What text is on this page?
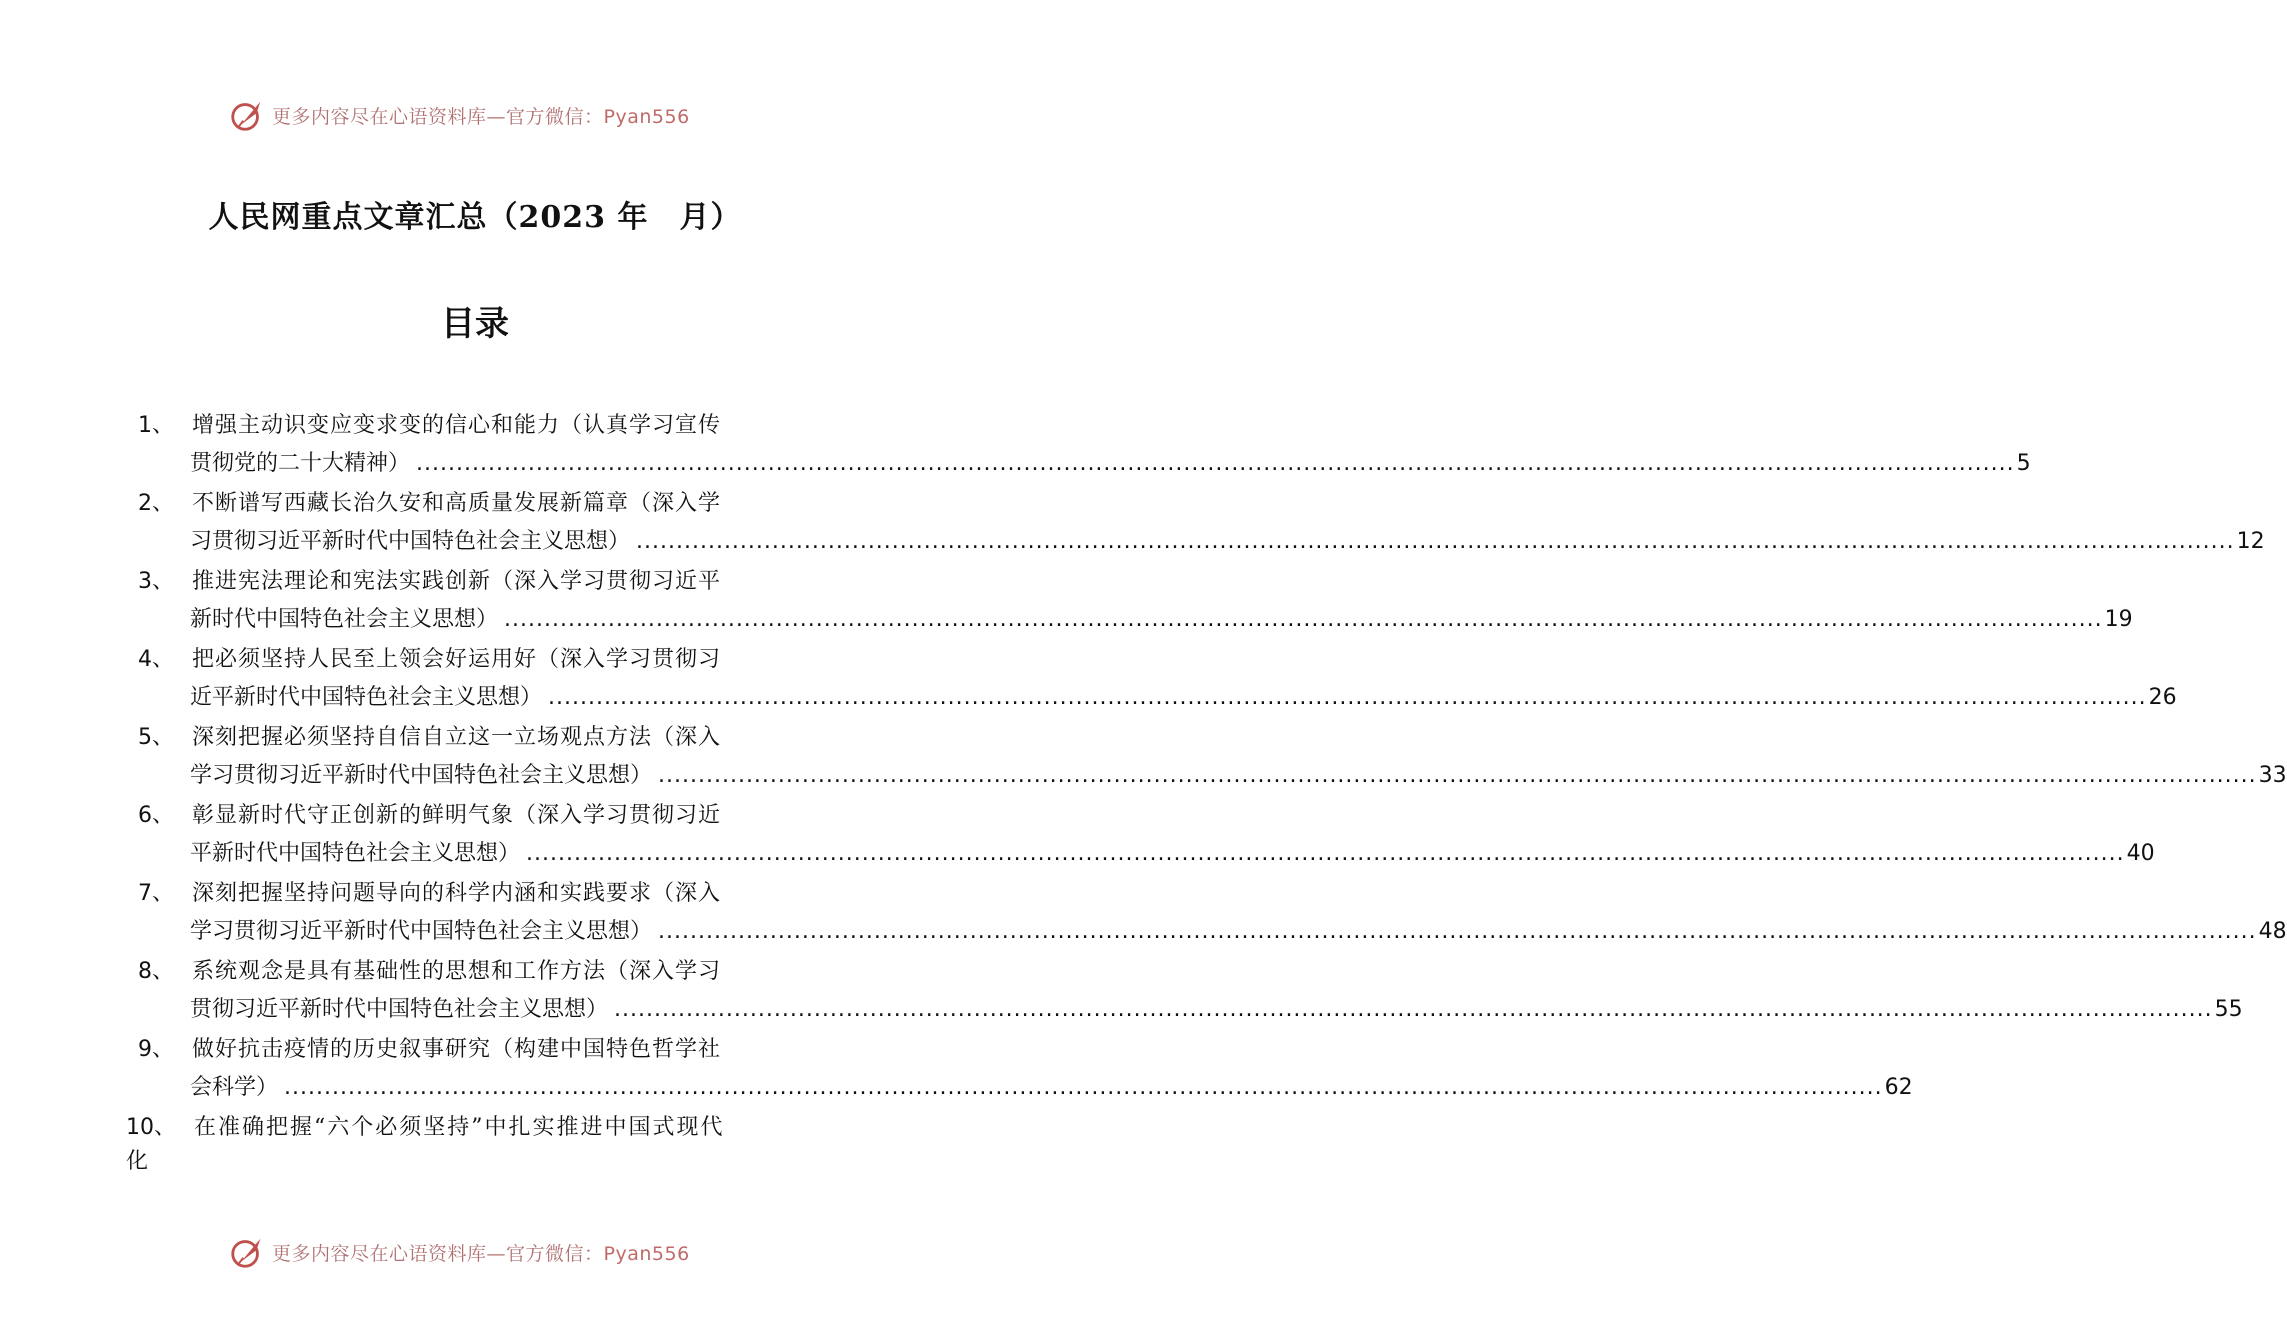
更多内容尽在心语资料库—官方微信：Pyan556
人民网重点文章汇总（2023 年　月）
目录
1、 增强主动识变应变求变的信心和能力（认真学习宣传
贯彻党的二十大精神） ........................................................................................................................................................................................................ 5
2、 不断谱写西藏长治久安和高质量发展新篇章（深入学
习贯彻习近平新时代中国特色社会主义思想） ........................................................................................................................................................................................................ 12
3、 推进宪法理论和宪法实践创新（深入学习贯彻习近平
新时代中国特色社会主义思想） ........................................................................................................................................................................................................ 19
4、 把必须坚持人民至上领会好运用好（深入学习贯彻习
近平新时代中国特色社会主义思想） ........................................................................................................................................................................................................ 26
5、 深刻把握必须坚持自信自立这一立场观点方法（深入
学习贯彻习近平新时代中国特色社会主义思想） ........................................................................................................................................................................................................ 33
6、 彰显新时代守正创新的鲜明气象（深入学习贯彻习近
平新时代中国特色社会主义思想） ........................................................................................................................................................................................................ 40
7、 深刻把握坚持问题导向的科学内涵和实践要求（深入
学习贯彻习近平新时代中国特色社会主义思想） ........................................................................................................................................................................................................ 48
8、 系统观念是具有基础性的思想和工作方法（深入学习
贯彻习近平新时代中国特色社会主义思想） ........................................................................................................................................................................................................ 55
9、 做好抗击疫情的历史叙事研究（构建中国特色哲学社
会科学） ........................................................................................................................................................................................................ 62
10、 在准确把握“六个必须坚持”中扎实推进中国式现代
化
更多内容尽在心语资料库—官方微信：Pyan556
